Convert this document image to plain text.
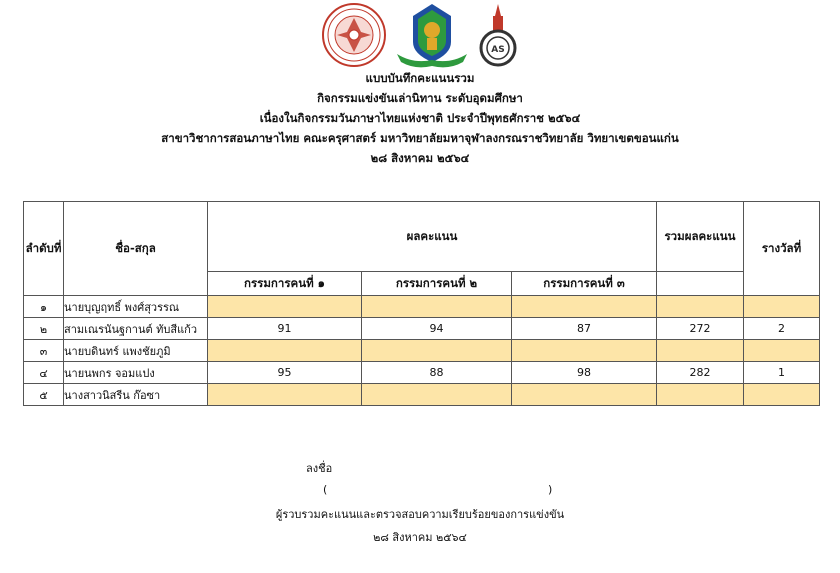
AS
แบบบันทึกคะแนนรวม
กิจกรรมแข่งขันเล่านิทาน ระดับอุดมศึกษา
เนื่องในกิจกรรมวันภาษาไทยแห่งชาติ ประจำปีพุทธศักราช ๒๕๖๔
สาขาวิชาการสอนภาษาไทย คณะครุศาสตร์ มหาวิทยาลัยมหาจุฬาลงกรณราชวิทยาลัย วิทยาเขตขอนแก่น
๒๘ สิงหาคม ๒๕๖๔
ลำดับที่	ชื่อ-สกุล	ผลคะแนน			รวมผลคะแนน	รางวัลที่
		กรรมการคนที่ ๑	กรรมการคนที่ ๒	กรรมการคนที่ ๓		
๑	นายบุญฤทธิ์ พงศ์สุวรรณ					
๒	สามเณรนันฐกานต์ ทับสีแก้ว	91	94	87	272	2
๓	นายบดินทร์ แพงชัยภูมิ					
๔	นายนพกร จอมแปง	95	88	98	282	1
๕	นางสาวนิสรีน ก๊อซา					
ลงชื่อ
(	)
ผู้รวบรวมคะแนนและตรวจสอบความเรียบร้อยของการแข่งขัน
๒๘ สิงหาคม ๒๕๖๔
